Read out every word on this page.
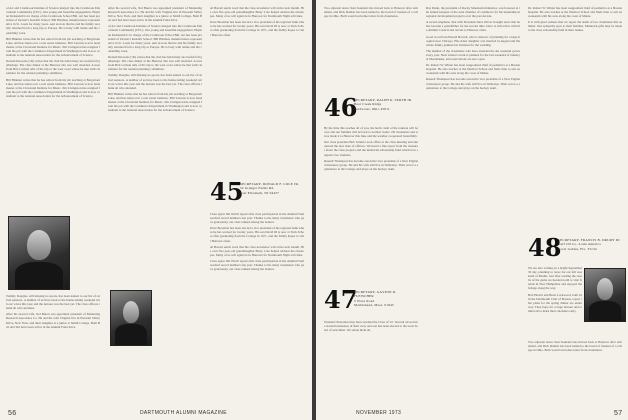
of Art and Cranbrook Institute of Science merged into the Cranbrook Educational Community (CEC). Our young and beautiful engagement. Hayman Kirkendall is in charge of the Cranbrook School Bill. Art has been president of Detroit's Kendall School. Bill Hinman, manufacturers representative in St. Louis for many years, sent us note that he and his family recently returned from a long trip to Europe. He is busy with tennis and his consulting work.

Bill Hinman writes that he has retired from his job teaching at Bergstrom Lake, and has taken over a real estate business. Phil Lazarus is now headmaster at the Cleveland Institute for Music. Jim Livingston has resigned from his job with the Commerce Department in Washington and is now consultant to the national Association for the Advancement of Science.

Donald Knowles ('45) writes that the club has held many successful fall gatherings. The class dinner at the Hanover Inn was well attended. A note from Bob Carlson tells of his trip to the west coast where he met with classmates for the reunion planning committee.

Bill Hinman writes that he has retired from his job teaching at Bergstrom Lake, and has taken over a real estate business. Phil Lazarus is now headmaster at the Cleveland Institute for Music. Jim Livingston has resigned from his job with the Commerce Department in Washington and is now consultant to the national Association for the Advancement of Science.

Tommy Douglas, still missing no sports, has been named to our list of retired senators. A number of us have been to the homecoming weekend with our wives this year and the turnout was the best yet. The class officers thank all who attended.

After his second wife, Ted Buren was appointed president of Marketing Research Associates Co. He and his wife Virginia live in Pleasant Valley Drive, New York, and their daughter is a junior at Smith College. Both Bob and Ted have been active in the Alumni Fund drive.

After his second wife, Ted Buren was appointed president of Marketing Research Associates Co. He and his wife Virginia live in Pleasant Valley Drive, New York, and their daughter is a junior at Smith College. Both Bob and Ted have been active in the Alumni Fund drive.

of Art and Cranbrook Institute of Science merged into the Cranbrook Educational Community (CEC). Our young and beautiful engagement. Hayman Kirkendall is in charge of the Cranbrook School Bill. Art has been president of Detroit's Kendall School. Bill Hinman, manufacturers representative in St. Louis for many years, sent us note that he and his family recently returned from a long trip to Europe. He is busy with tennis and his consulting work.

Donald Knowles ('45) writes that the club has held many successful fall gatherings. The class dinner at the Hanover Inn was well attended. A note from Bob Carlson tells of his trip to the west coast where he met with classmates for the reunion planning committee.

Tommy Douglas, still missing no sports, has been named to our list of retired senators. A number of us have been to the homecoming weekend with our wives this year and the turnout was the best yet. The class officers thank all who attended.

Bill Hinman writes that he has retired from his job teaching at Bergstrom Lake, and has taken over a real estate business. Phil Lazarus is now headmaster at the Cleveland Institute for Music. Jim Livingston has resigned from his job with the Commerce Department in Washington and is now consultant to the national Association for the Advancement of Science.

Al Barrett sends word that the class newsletter will arrive next month. His own five-year-old granddaughter Betsy Cole helped address the envelopes. Many of us will again be in Hanover for Dartmouth Night activities.

Dave Bowman has been elected a vice president of the regional bank where he has worked for twenty years. His son David III is now at Tuck School after graduating from the College in 1971, and the family hopes to visit Hanover often.

45
SECRETARY, DONALD F. COLE JR.
52 Granger Farms Rd.
East Elizabeth, NJ 04437

Class agent Jim Welch reports that class participation in the Alumni Fund reached record numbers last year. Thanks to the many classmates who gave generously, our class ranked among the leaders.

Dave Bowman has been elected a vice president of the regional bank where he has worked for twenty years. His son David III is now at Tuck School after graduating from the College in 1971, and the family hopes to visit Hanover often.

Al Barrett sends word that the class newsletter will arrive next month. His own five-year-old granddaughter Betsy Cole helped address the envelopes. Many of us will again be in Hanover for Dartmouth Night activities.

Class agent Jim Welch reports that class participation in the Alumni Fund reached record numbers last year. Thanks to the many classmates who gave generously, our class ranked among the leaders.

56	DARTMOUTH ALUMNI MAGAZINE

Two adjacent notes: Ken Saunders has moved back to Hanover after retirement, and Dick Dunbar has been named to the board of trustees of a college in Ohio. Both would welcome letters from classmates.

46
SECRETARY, RALPH K. SMITH JR.
Bear Creek Ridge
Coldwater, Ohio 45811

By the time this reaches all of you, the hectic rush of the reunion will be over and our families will be back to normal. Some 130 classmates and wives made it to Hanover this June and the weather cooperated beautifully.

Our class president Bob Sanders took office at the class meeting and announced the new slate of officers. We heard a fine report from the treasurer about the class projects and the memorial scholarship fund which now supports two students.

Russell Thompson has become executive vice president of a New England insurance group. He and his wife still live in Wellesley. Their son is a sophomore at the College and plays on the hockey team.

47
SECRETARY, GASTON R. FLEISCHER
5 Wave Road
Marblehead, Mass. 01945

Women's liberation may have reached the Class of '47. Several wives have started businesses of their own, and one has been elected to the town board of selectmen. We salute them all.

Ray Dunn, the president of Rocky Mountain Industries, was honored at the annual banquet of the state chamber of commerce for his leadership in regional development projects over the past decade.

A recent telephone chat with President Dave Oliver brought news that he has become a grandfather for the second time. Dave is still active with the Alumni Council and travels to Hanover often.

Good word from Harold Howell, who is director of planning for a large hospital near Chicago. His oldest daughter was married in August and the whole family gathered in Vermont for the wedding.

The number of the classmates who have attended the ski weekend grows every year. Next winter's event is planned for the last weekend of January at Moosilauke, and reservations are now open.

Dr. Robert W. Winter has been reappointed chief of pediatrics at a Boston hospital. He also teaches at the Medical School and finds time to sail on weekends with his sons along the coast of Maine.

Russell Thompson has become executive vice president of a New England insurance group. He and his wife still live in Wellesley. Their son is a sophomore at the College and plays on the hockey team.

Dr. Robert W. Winter has been reappointed chief of pediatrics at a Boston hospital. He also teaches at the Medical School and finds time to sail on weekends with his sons along the coast of Maine.

It is with great sadness that we report the death of two classmates this summer. Our sympathy goes to their families. Memorial gifts may be made to the class scholarship fund in their names.

48
SECRETARY, FRANCIS B. DRURY III
Gulf Oil Co.-Latin America
Coral Gables, Fla. 33134

We are also writing on a bright September 30 day, planning to leave for our fall weekend of Miami. Just after reading the results of the game we headed north to visit friends in New Hampshire and enjoyed the foliage along the way.

Bob Hewitt and Buck Lockwood, both with the Dartmouth Club of Boston, report that plans for the spring dinner are under way. They hope for a large turnout and remind all to mark their calendars early.

Two adjacent notes: Ken Saunders has moved back to Hanover after retirement, and Dick Dunbar has been named to the board of trustees of a college in Ohio. Both would welcome letters from classmates.

NOVEMBER 1973	57
